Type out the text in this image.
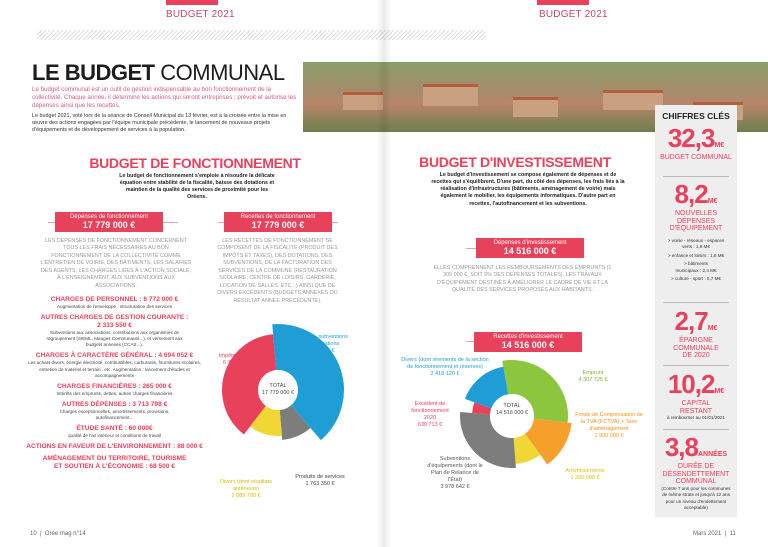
BUDGET 2021	BUDGET 2021
LE BUDGET COMMUNAL

Le budget communal est un outil de gestion indispensable au bon fonctionnement de la collectivité. Chaque année, il détermine les actions qui seront entreprises ; prévoit et autorise les dépenses ainsi que les recettes.

Le budget 2021, voté lors de la séance de Conseil Municipal du 13 février, est à la croisée entre la mise en œuvre des actions engagées par l'équipe municipale précédente, le lancement de nouveaux projets d'équipements et de développement de services à la population.

BUDGET DE FONCTIONNEMENT

Le budget de fonctionnement s'emploie à résoudre la délicate équation entre stabilité de la fiscalité, baisse des dotations et maintien de la qualité des services de proximité pour les Oréens.

Dépenses de fonctionnement
17 779 000 €

LES DÉPENSES DE FONCTIONNEMENT CONCERNENT TOUS LES FRAIS NÉCESSAIRES AU BON FONCTIONNEMENT DE LA COLLECTIVITÉ COMME L'ENTRETIEN DE VOIRIE, DES BÂTIMENTS, LES SALAIRES DES AGENTS, LES CHARGES LIÉES À L'ACTION SOCIALE, À L'ENSEIGNEMENT, AUX SUBVENTIONS AUX ASSOCIATIONS.

CHARGES DE PERSONNEL : 6 772 000 €
Augmentation de l'enveloppe : structuration des services
AUTRES CHARGES DE GESTION COURANTE : 2 333 550 €
Subventions aux associations, contributions aux organismes de regroupement (SIEML, Mauges Communauté...), et versement aux budgets annexes (CCAS...).
CHARGES À CARACTÈRE GÉNÉRAL : 4 694 052 €
Les achats divers, énergie électricité, combustibles, carburants, fournitures scolaires, entretien de matériel et terrain...etc. Augmentation : lancement d'études et accompagnements
CHARGES FINANCIÈRES : 265 000 €
Intérêts des emprunts, dettes, autres charges financières
AUTRES DÉPENSES : 3 713 798 €
Charges exceptionnelles, amortissements, provisions, autofinancement...
ÉTUDE SANTÉ : 60 000€
qualité de l'air intérieur et conditions de travail
ACTIONS EN FAVEUR DE L'ENVIRONNEMENT : 88 000 €
AMÉNAGEMENT DU TERRITOIRE, TOURISME ET SOUTIEN À L'ÉCONOMIE : 68 500 €
Recettes de fonctionnement
17 779 000 €

LES RECETTES DE FONCTIONNEMENT SE COMPOSENT DE LA FISCALITÉ (PRODUIT DES IMPÔTS ET TAXES), DES DOTATIONS, DES SUBVENTIONS, DE LA FACTURATION DES SERVICES DE LA COMMUNE (RESTAURATION SCOLAIRE, CENTRE DE LOISIRS, GARDERIE, LOCATION DE SALLES, ETC...) AINSI QUE DE DIVERS EXCÉDENTS (BUDGETS ANNEXES OU RÉSULTAT ANNÉE PRÉCÉDENTE).

Dotations, subventions et participations
7 133 700 €
Impôts et taxes
6 792 250 €
Produits de services
1 763 350 €
Divers (dont résultats antérieurs)
2 089 700 €
TOTAL
17 779 000 €
BUDGET D'INVESTISSEMENT

Le budget d'investissement se compose également de dépenses et de recettes qui s'équilibrent. D'une part, du côté des dépenses, les frais liés à la réalisation d'infrastructures (bâtiments, aménagement de voirie) mais également le mobilier, les équipements informatiques. D'autre part en recettes, l'autofinancement et les subventions.

Dépenses d'investissement
14 516 000 €

ELLES COMPRENNENT LES REMBOURSEMENTS DES EMPRUNTS (1 305 000 €, SOIT 9% DES DÉPENSES TOTALES), LES TRAVAUX D'ÉQUIPEMENT DESTINÉS À AMÉLIORER LE CADRE DE VIE ET LA QUALITÉ DES SERVICES PROPOSÉS AUX HABITANTS.

Recettes d'investissement
14 516 000 €
Divers (dont virements de la section de fonctionnement et réserves)
2 418 120 €
Excédent de fonctionnement 2020
630 713 €
Subventions d'équipements (dont le Plan de Relance de l'État)
3 978 642 €
Emprunt
4 307 725 €
Fonds de Compensation de la TVA (FCTVA) + Taxe d'aménagement
1 900 000 €
Amortissements
1 280 000 €
TOTAL
14 516 000 €
CHIFFRES CLÉS
32,3M€
BUDGET COMMUNAL
8,2M€
NOUVELLES DÉPENSES D'ÉQUIPEMENT
> voirie - réseaux - espaces verts : 1,8 M€
> enfance et loisirs : 1,8 M€
> bâtiments municipaux : 2,4 M€
> culture - sport : 0,7 M€
2,7M€
ÉPARGNE COMMUNALE DE 2020
10,2M€
CAPITAL RESTANT
à rembourser au 01/01/2021
3,8ANNÉES
DURÉE DE DÉSENDETTEMENT COMMUNAL
(Contre 7 ans pour les communes de même strate et jusqu'à 12 ans pour un niveau d'endettement acceptable)
10  |  Orée mag n°14	Mars 2021  |  11
